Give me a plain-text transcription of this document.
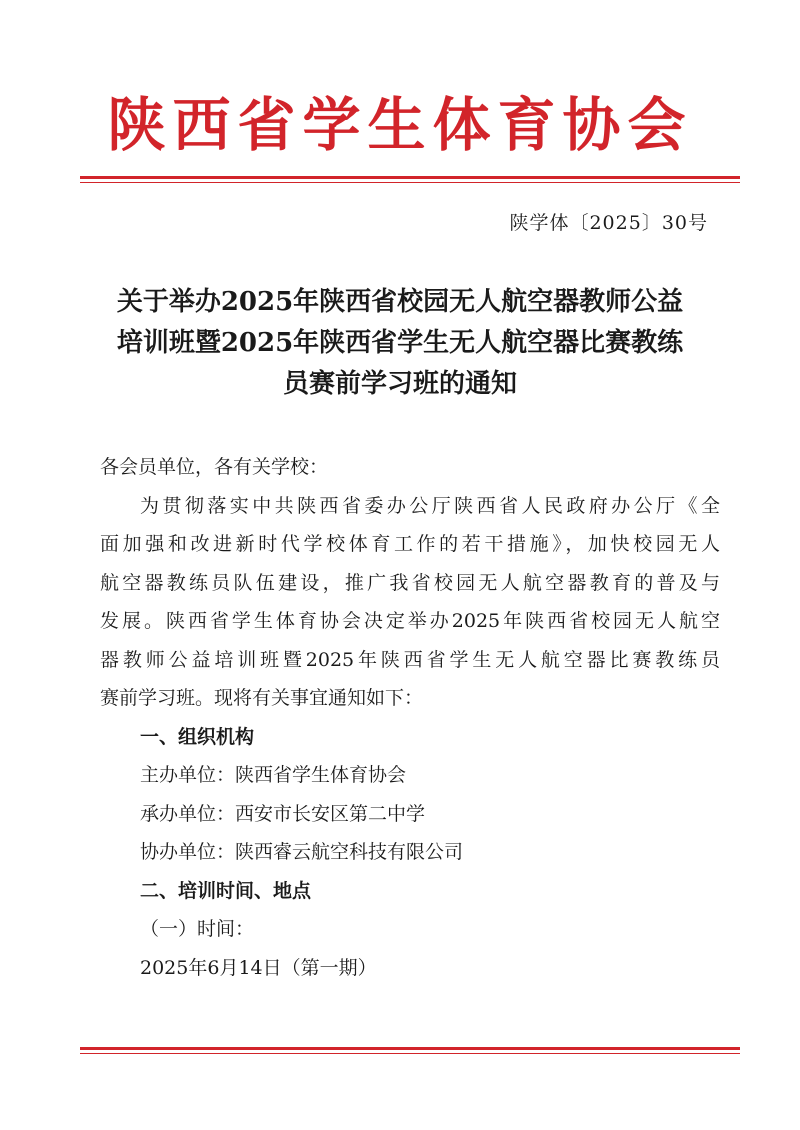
陕西省学生体育协会
陕学体〔2025〕30号
关于举办2025年陕西省校园无人航空器教师公益
培训班暨2025年陕西省学生无人航空器比赛教练
员赛前学习班的通知
各会员单位，各有关学校：
为贯彻落实中共陕西省委办公厅陕西省人民政府办公厅《全
面加强和改进新时代学校体育工作的若干措施》，加快校园无人
航空器教练员队伍建设，推广我省校园无人航空器教育的普及与
发展。陕西省学生体育协会决定举办2025年陕西省校园无人航空
器教师公益培训班暨2025年陕西省学生无人航空器比赛教练员
赛前学习班。现将有关事宜通知如下：
一、组织机构
主办单位：陕西省学生体育协会
承办单位：西安市长安区第二中学
协办单位：陕西睿云航空科技有限公司
二、培训时间、地点
（一）时间：
2025年6月14日（第一期）
